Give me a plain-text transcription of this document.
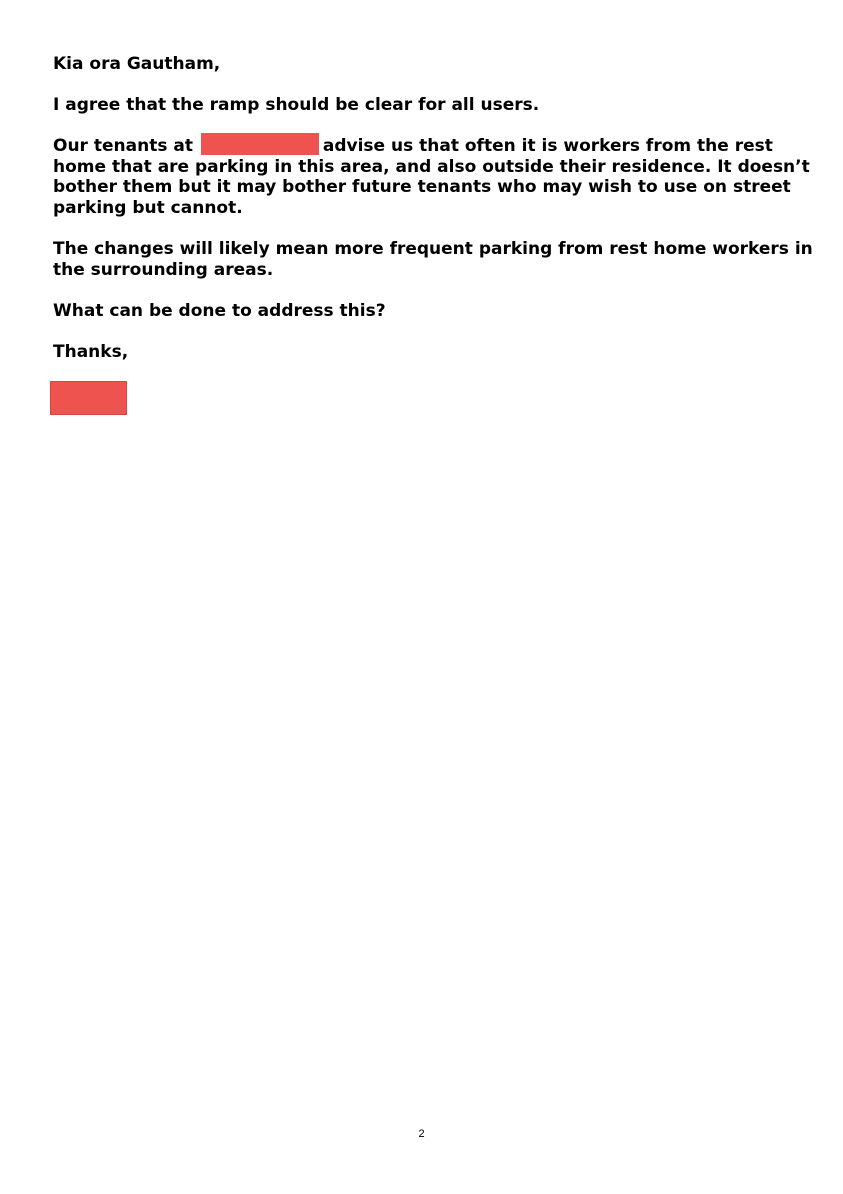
Kia ora Gautham,

I agree that the ramp should be clear for all users.

Our tenants at	advise us that often it is workers from the rest home that are parking in this area, and also outside their residence. It doesn’t bother them but it may bother future tenants who may wish to use on street parking but cannot.

The changes will likely mean more frequent parking from rest home workers in the surrounding areas.

What can be done to address this?

Thanks,

2
